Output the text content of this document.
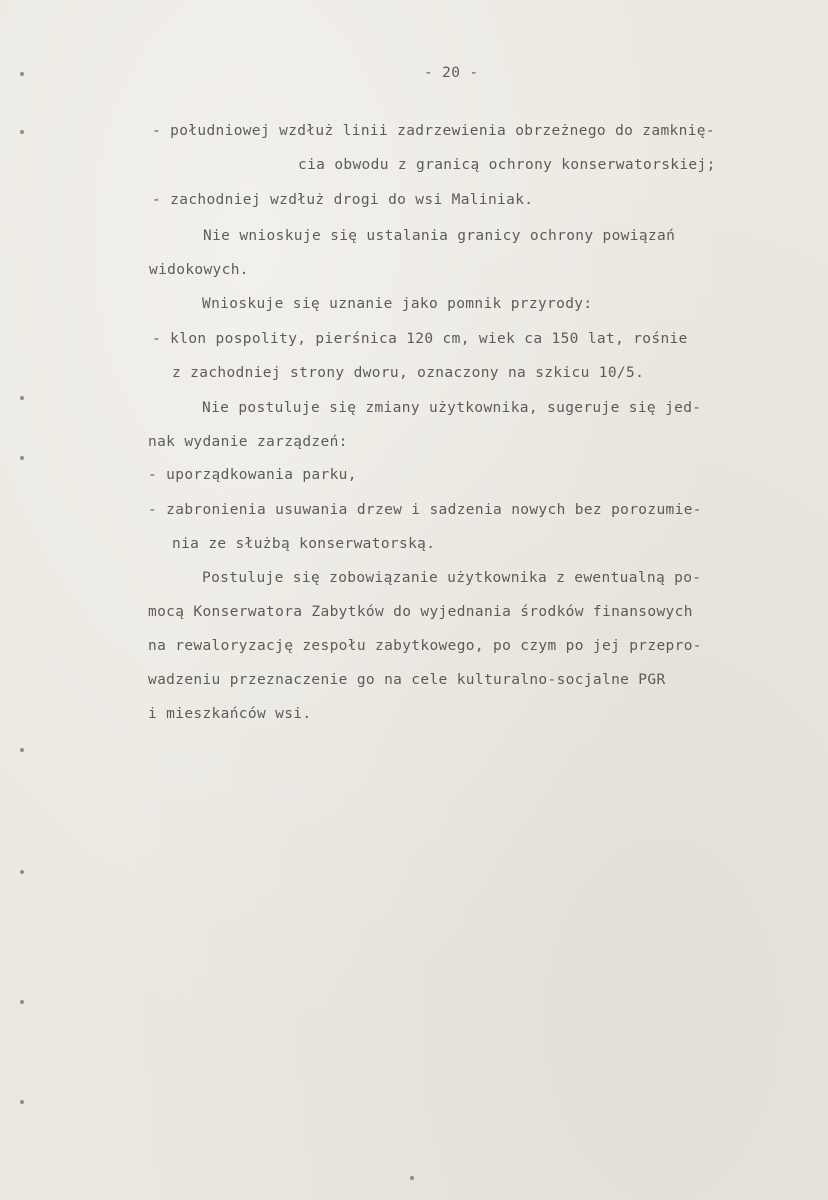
- 20 -
- południowej wzdłuż linii zadrzewienia obrzeżnego do zamknię-
cia obwodu z granicą ochrony konserwatorskiej;
- zachodniej wzdłuż drogi do wsi Maliniak.
Nie wnioskuje się ustalania granicy ochrony powiązań
widokowych.
Wnioskuje się uznanie jako pomnik przyrody:
- klon pospolity, pierśnica 120 cm, wiek ca 150 lat, rośnie
z zachodniej strony dworu, oznaczony na szkicu 10/5.
Nie postuluje się zmiany użytkownika, sugeruje się jed-
nak wydanie zarządzeń:
- uporządkowania parku,
- zabronienia usuwania drzew i sadzenia nowych bez porozumie-
nia ze służbą konserwatorską.
Postuluje się zobowiązanie użytkownika z ewentualną po-
mocą Konserwatora Zabytków do wyjednania środków finansowych
na rewaloryzację zespołu zabytkowego, po czym po jej przepro-
wadzeniu przeznaczenie go na cele kulturalno-socjalne PGR
i mieszkańców wsi.
